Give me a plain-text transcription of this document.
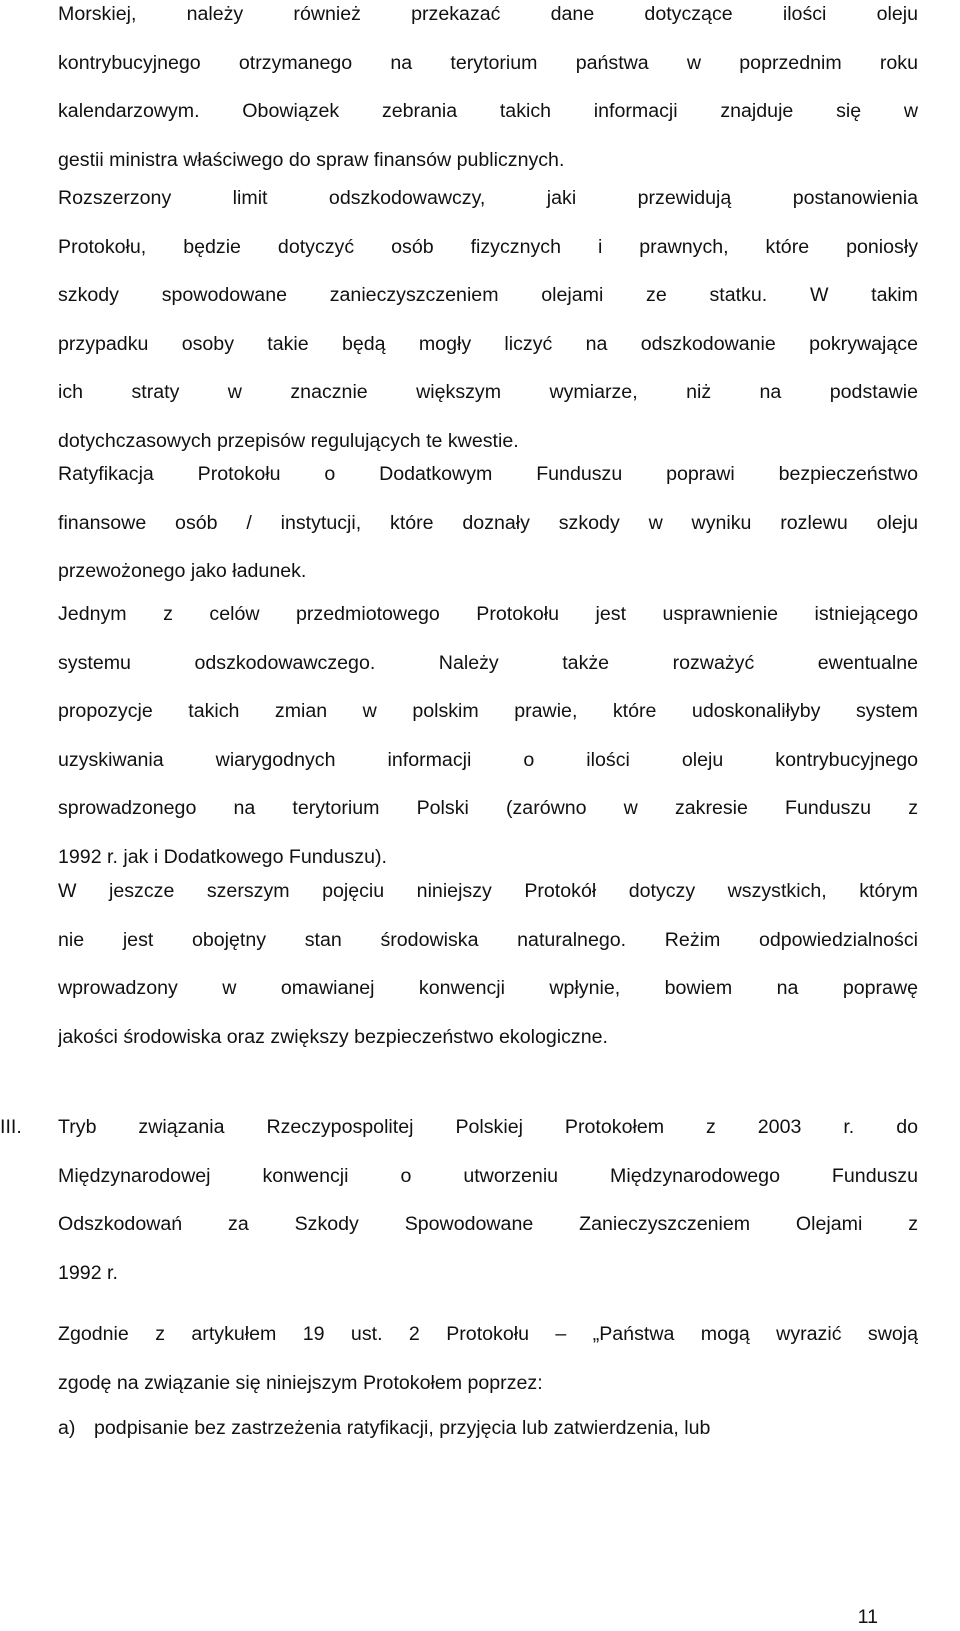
Morskiej, należy również przekazać dane dotyczące ilości oleju
kontrybucyjnego otrzymanego na terytorium państwa w poprzednim roku
kalendarzowym. Obowiązek zebrania takich informacji znajduje się w
gestii ministra właściwego do spraw finansów publicznych.
Rozszerzony limit odszkodowawczy, jaki przewidują postanowienia
Protokołu, będzie dotyczyć osób fizycznych i prawnych, które poniosły
szkody spowodowane zanieczyszczeniem olejami ze statku. W takim
przypadku osoby takie będą mogły liczyć na odszkodowanie pokrywające
ich straty w znacznie większym wymiarze, niż na podstawie
dotychczasowych przepisów regulujących te kwestie.
Ratyfikacja Protokołu o Dodatkowym Funduszu poprawi bezpieczeństwo
finansowe osób / instytucji, które doznały szkody w wyniku rozlewu oleju
przewożonego jako ładunek.
Jednym z celów przedmiotowego Protokołu jest usprawnienie istniejącego
systemu odszkodowawczego. Należy także rozważyć ewentualne
propozycje takich zmian w polskim prawie, które udoskonaliłyby system
uzyskiwania wiarygodnych informacji o ilości oleju kontrybucyjnego
sprowadzonego na terytorium Polski (zarówno w zakresie Funduszu z
1992 r. jak i Dodatkowego Funduszu).
W jeszcze szerszym pojęciu niniejszy Protokół dotyczy wszystkich, którym
nie jest obojętny stan środowiska naturalnego. Reżim odpowiedzialności
wprowadzony w omawianej konwencji wpłynie, bowiem na poprawę
jakości środowiska oraz zwiększy bezpieczeństwo ekologiczne.
III.	Tryb związania Rzeczypospolitej Polskiej Protokołem z 2003 r. do
Międzynarodowej konwencji o utworzeniu Międzynarodowego Funduszu
Odszkodowań za Szkody Spowodowane Zanieczyszczeniem Olejami z
1992 r.
Zgodnie z artykułem 19 ust. 2 Protokołu – „Państwa mogą wyrazić swoją
zgodę na związanie się niniejszym Protokołem poprzez:
a) podpisanie bez zastrzeżenia ratyfikacji, przyjęcia lub zatwierdzenia, lub
11
